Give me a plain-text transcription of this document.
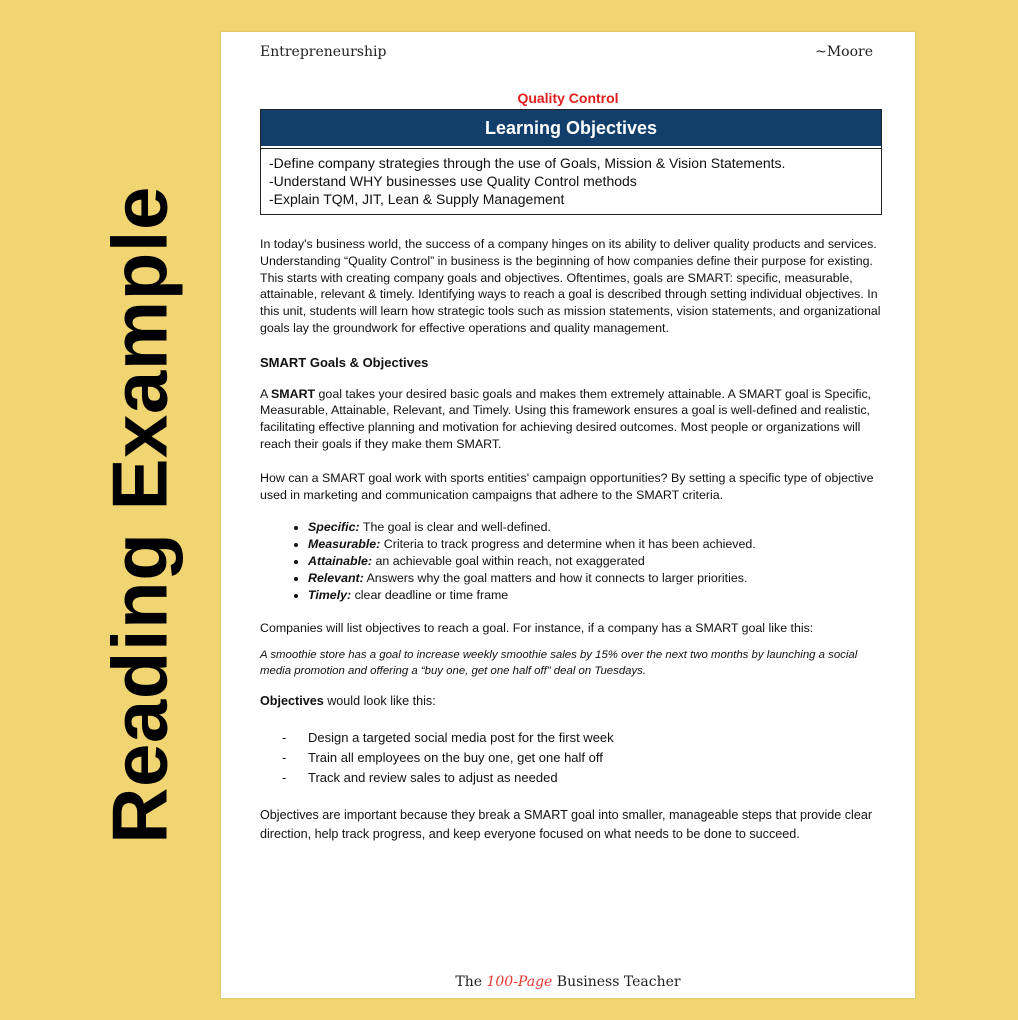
Reading Example
Entrepreneurship	~Moore
Quality Control
Learning Objectives
-Define company strategies through the use of Goals, Mission & Vision Statements.
-Understand WHY businesses use Quality Control methods
-Explain TQM, JIT, Lean & Supply Management

In today's business world, the success of a company hinges on its ability to deliver quality products and services. Understanding “Quality Control” in business is the beginning of how companies define their purpose for existing. This starts with creating company goals and objectives. Oftentimes, goals are SMART: specific, measurable, attainable, relevant & timely. Identifying ways to reach a goal is described through setting individual objectives. In this unit, students will learn how strategic tools such as mission statements, vision statements, and organizational goals lay the groundwork for effective operations and quality management.

SMART Goals & Objectives

A SMART goal takes your desired basic goals and makes them extremely attainable. A SMART goal is Specific, Measurable, Attainable, Relevant, and Timely. Using this framework ensures a goal is well-defined and realistic, facilitating effective planning and motivation for achieving desired outcomes. Most people or organizations will reach their goals if they make them SMART.

How can a SMART goal work with sports entities' campaign opportunities? By setting a specific type of objective used in marketing and communication campaigns that adhere to the SMART criteria.

• Specific: The goal is clear and well-defined.
• Measurable: Criteria to track progress and determine when it has been achieved.
• Attainable: an achievable goal within reach, not exaggerated
• Relevant: Answers why the goal matters and how it connects to larger priorities.
• Timely: clear deadline or time frame

Companies will list objectives to reach a goal. For instance, if a company has a SMART goal like this:

A smoothie store has a goal to increase weekly smoothie sales by 15% over the next two months by launching a social media promotion and offering a “buy one, get one half off” deal on Tuesdays.

Objectives would look like this:

- Design a targeted social media post for the first week
- Train all employees on the buy one, get one half off
- Track and review sales to adjust as needed

Objectives are important because they break a SMART goal into smaller, manageable steps that provide clear direction, help track progress, and keep everyone focused on what needs to be done to succeed.

The 100-Page Business Teacher
